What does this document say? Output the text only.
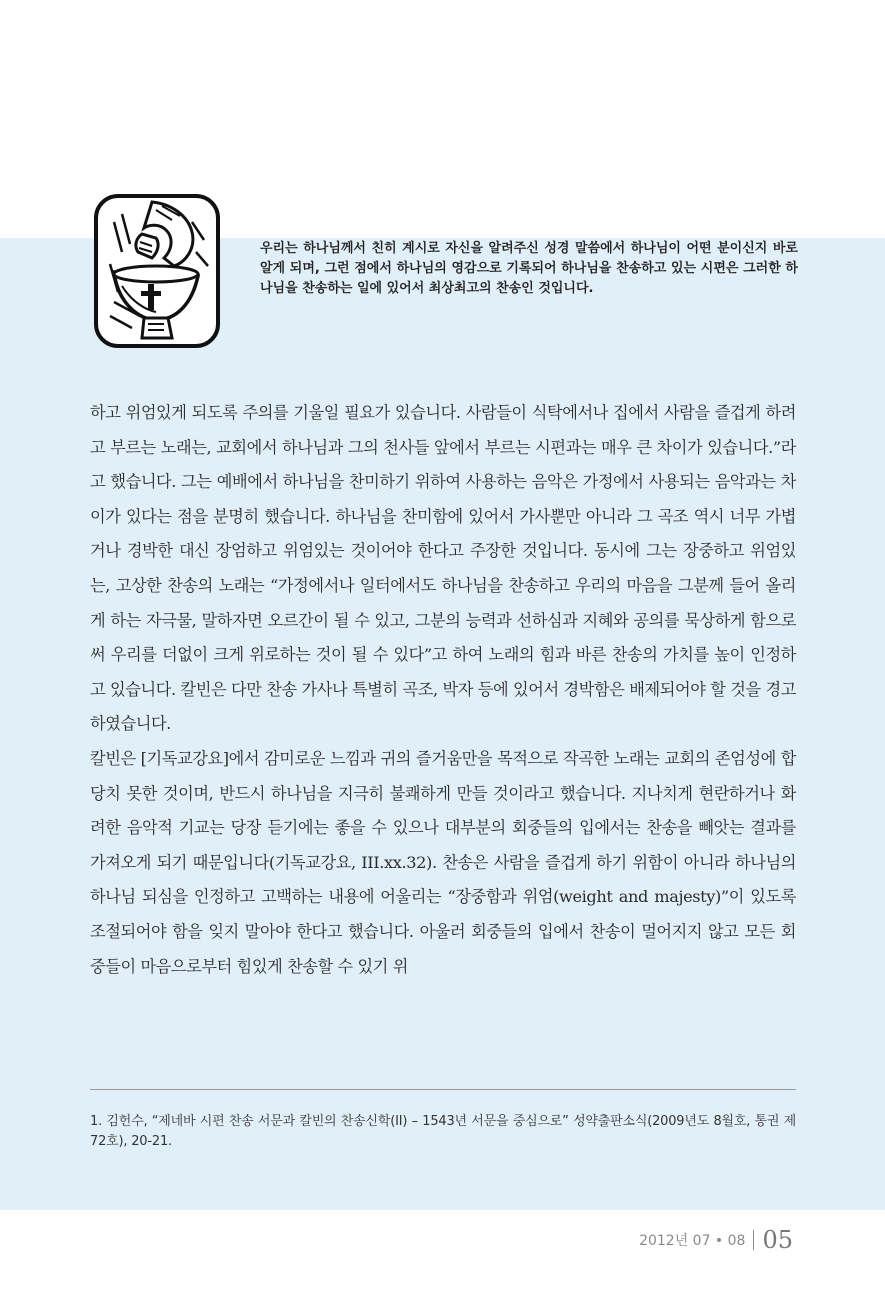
우리는 하나님께서 친히 계시로 자신을 알려주신 성경 말씀에서 하나님이 어떤 분이신지 바로 알게 되며, 그런 점에서 하나님의 영감으로 기록되어 하나님을 찬송하고 있는 시편은 그러한 하나님을 찬송하는 일에 있어서 최상최고의 찬송인 것입니다.

하고 위엄있게 되도록 주의를 기울일 필요가 있습니다. 사람들이 식탁에서나 집에서 사람을 즐겁게 하려고 부르는 노래는, 교회에서 하나님과 그의 천사들 앞에서 부르는 시편과는 매우 큰 차이가 있습니다.”라고 했습니다. 그는 예배에서 하나님을 찬미하기 위하여 사용하는 음악은 가정에서 사용되는 음악과는 차이가 있다는 점을 분명히 했습니다. 하나님을 찬미함에 있어서 가사뿐만 아니라 그 곡조 역시 너무 가볍거나 경박한 대신 장엄하고 위엄있는 것이어야 한다고 주장한 것입니다. 동시에 그는 장중하고 위엄있는, 고상한 찬송의 노래는 “가정에서나 일터에서도 하나님을 찬송하고 우리의 마음을 그분께 들어 올리게 하는 자극물, 말하자면 오르간이 될 수 있고, 그분의 능력과 선하심과 지혜와 공의를 묵상하게 함으로써 우리를 더없이 크게 위로하는 것이 될 수 있다”고 하여 노래의 힘과 바른 찬송의 가치를 높이 인정하고 있습니다. 칼빈은 다만 찬송 가사나 특별히 곡조, 박자 등에 있어서 경박함은 배제되어야 할 것을 경고하였습니다.

칼빈은 [기독교강요]에서 감미로운 느낌과 귀의 즐거움만을 목적으로 작곡한 노래는 교회의 존엄성에 합당치 못한 것이며, 반드시 하나님을 지극히 불쾌하게 만들 것이라고 했습니다. 지나치게 현란하거나 화려한 음악적 기교는 당장 듣기에는 좋을 수 있으나 대부분의 회중들의 입에서는 찬송을 빼앗는 결과를 가져오게 되기 때문입니다(기독교강요, III.xx.32). 찬송은 사람을 즐겁게 하기 위함이 아니라 하나님의 하나님 되심을 인정하고 고백하는 내용에 어울리는 “장중함과 위엄(weight and majesty)”이 있도록 조절되어야 함을 잊지 말아야 한다고 했습니다. 아울러 회중들의 입에서 찬송이 멀어지지 않고 모든 회중들이 마음으로부터 힘있게 찬송할 수 있기 위

1. 김헌수, “제네바 시편 찬송 서문과 칼빈의 찬송신학(II) – 1543년 서문을 중심으로” 성약출판소식(2009년도 8월호, 통권 제72호), 20-21.
2012년 07 • 08 05
